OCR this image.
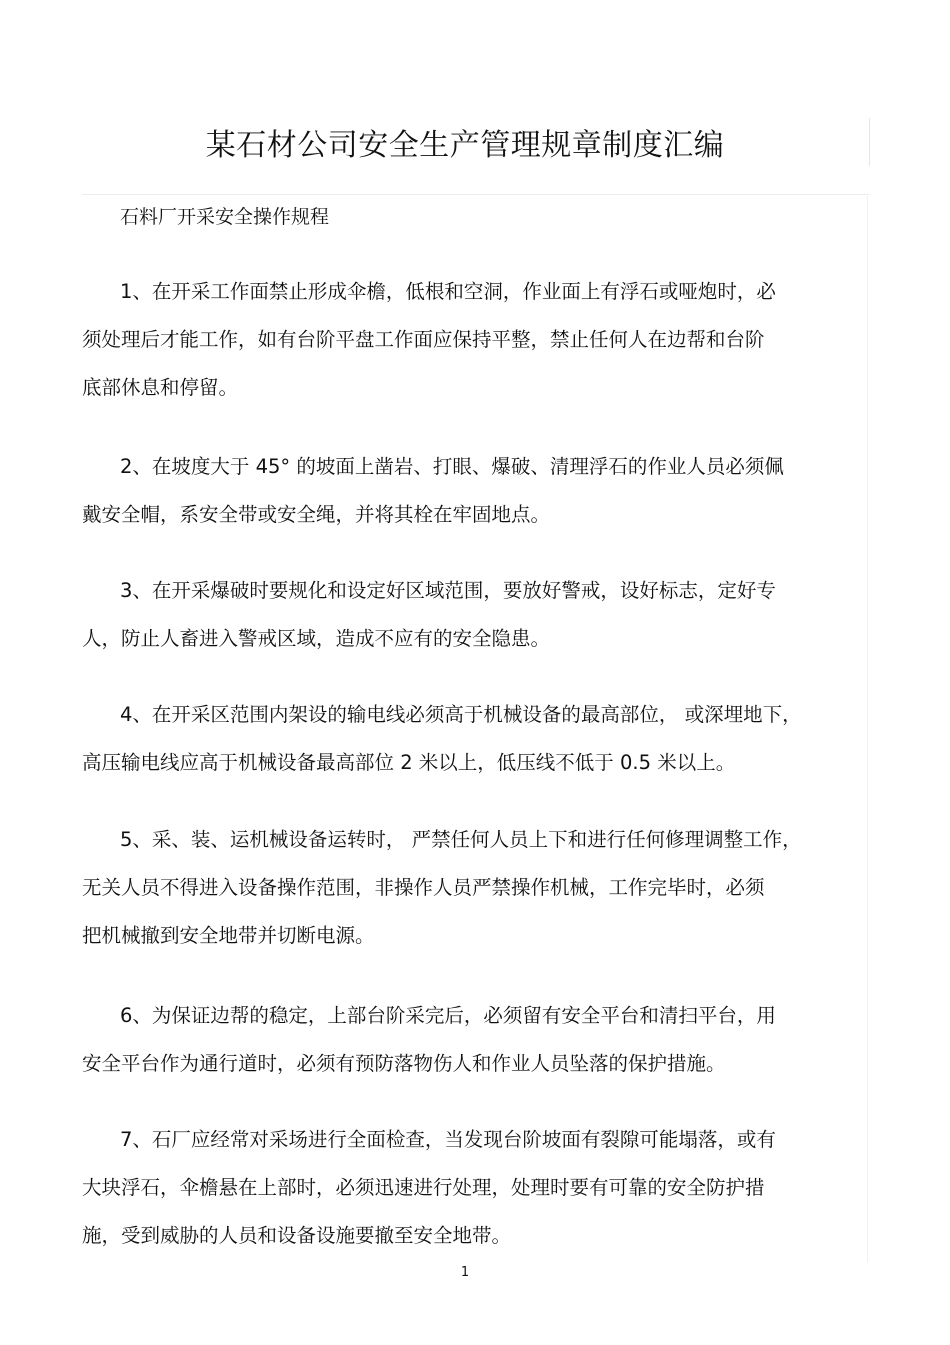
某石材公司安全生产管理规章制度汇编
石料厂开采安全操作规程
1、在开采工作面禁止形成伞檐，低根和空洞，作业面上有浮石或哑炮时，必
须处理后才能工作，如有台阶平盘工作面应保持平整，禁止任何人在边帮和台阶
底部休息和停留。
2、在坡度大于 45° 的坡面上凿岩、打眼、爆破、清理浮石的作业人员必须佩
戴安全帽，系安全带或安全绳，并将其栓在牢固地点。
3、在开采爆破时要规化和设定好区域范围，要放好警戒，设好标志，定好专
人，防止人畜进入警戒区域，造成不应有的安全隐患。
4、在开采区范围内架设的输电线必须高于机械设备的最高部位， 或深埋地下，
高压输电线应高于机械设备最高部位 2 米以上，低压线不低于 0.5 米以上。
5、采、装、运机械设备运转时， 严禁任何人员上下和进行任何修理调整工作，
无关人员不得进入设备操作范围，非操作人员严禁操作机械，工作完毕时，必须
把机械撤到安全地带并切断电源。
6、为保证边帮的稳定，上部台阶采完后，必须留有安全平台和清扫平台，用
安全平台作为通行道时，必须有预防落物伤人和作业人员坠落的保护措施。
7、石厂应经常对采场进行全面检查，当发现台阶坡面有裂隙可能塌落，或有
大块浮石，伞檐悬在上部时，必须迅速进行处理，处理时要有可靠的安全防护措
施，受到威胁的人员和设备设施要撤至安全地带。
1
